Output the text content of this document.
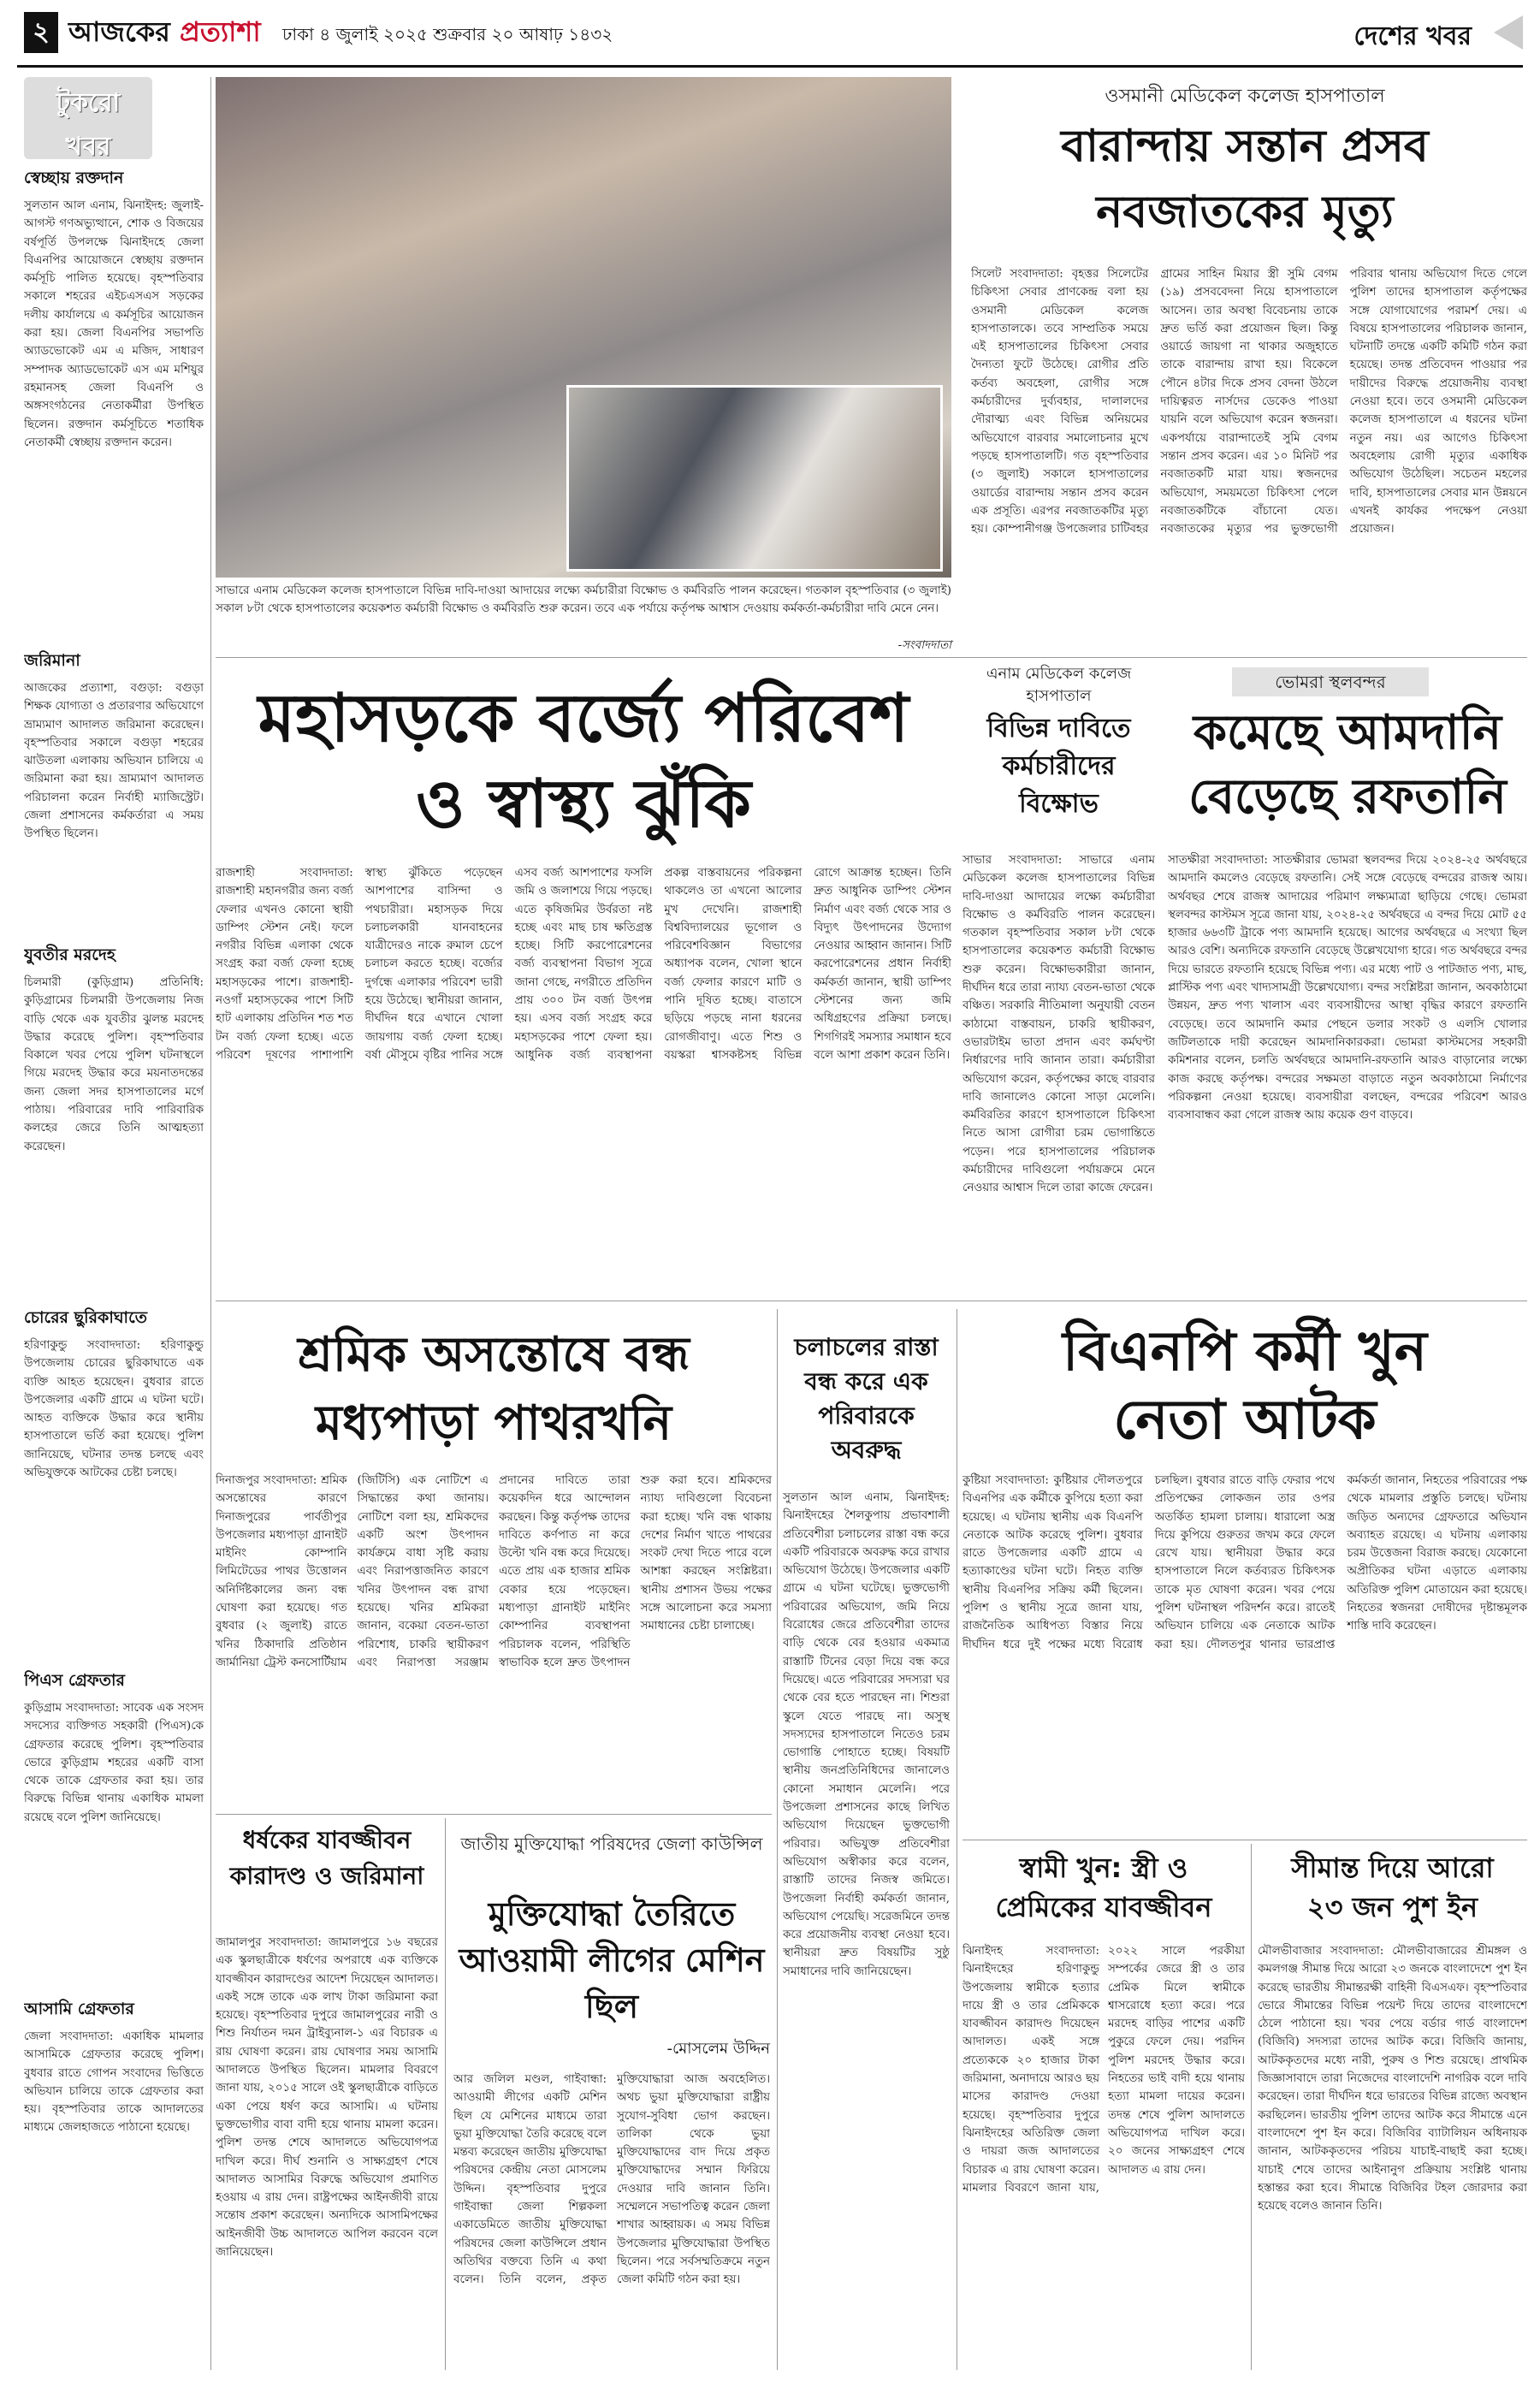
২ আজকের প্রত্যাশা ঢাকা ৪ জুলাই ২০২৫ শুক্রবার ২০ আষাঢ় ১৪৩২	দেশের খবর
টুকরো
খবর
স্বেচ্ছায় রক্তদান
সুলতান আল এনাম, ঝিনাইদহ: জুলাই-আগস্ট গণঅভ্যুত্থানে, শোক ও বিজয়ের বর্ষপূর্তি উপলক্ষে ঝিনাইদহে জেলা বিএনপির আয়োজনে স্বেচ্ছায় রক্তদান কর্মসূচি পালিত হয়েছে। বৃহস্পতিবার সকালে শহরের এইচএসএস সড়কের দলীয় কার্যালয়ে এ কর্মসূচির আয়োজন করা হয়। জেলা বিএনপির সভাপতি অ্যাডভোকেট এম এ মজিদ, সাধারণ সম্পাদক অ্যাডভোকেট এস এম মশিয়ুর রহমানসহ জেলা বিএনপি ও অঙ্গসংগঠনের নেতাকর্মীরা উপস্থিত ছিলেন। রক্তদান কর্মসূচিতে শতাধিক নেতাকর্মী স্বেচ্ছায় রক্তদান করেন।
জরিমানা
আজকের প্রত্যাশা, বগুড়া: বগুড়া শিক্ষক যোগ্যতা ও প্রতারণার অভিযোগে ভ্রাম্যমাণ আদালত জরিমানা করেছেন। বৃহস্পতিবার সকালে বগুড়া শহরের ঝাউতলা এলাকায় অভিযান চালিয়ে এ জরিমানা করা হয়। ভ্রাম্যমাণ আদালত পরিচালনা করেন নির্বাহী ম্যাজিস্ট্রেট। জেলা প্রশাসনের কর্মকর্তারা এ সময় উপস্থিত ছিলেন।
যুবতীর মরদেহ
চিলমারী (কুড়িগ্রাম) প্রতিনিধি: কুড়িগ্রামের চিলমারী উপজেলায় নিজ বাড়ি থেকে এক যুবতীর ঝুলন্ত মরদেহ উদ্ধার করেছে পুলিশ। বৃহস্পতিবার বিকালে খবর পেয়ে পুলিশ ঘটনাস্থলে গিয়ে মরদেহ উদ্ধার করে ময়নাতদন্তের জন্য জেলা সদর হাসপাতালের মর্গে পাঠায়। পরিবারের দাবি পারিবারিক কলহের জেরে তিনি আত্মহত্যা করেছেন।
চোরের ছুরিকাঘাতে
হরিণাকুন্ডু সংবাদদাতা: হরিণাকুন্ডু উপজেলায় চোরের ছুরিকাঘাতে এক ব্যক্তি আহত হয়েছেন। বুধবার রাতে উপজেলার একটি গ্রামে এ ঘটনা ঘটে। আহত ব্যক্তিকে উদ্ধার করে স্থানীয় হাসপাতালে ভর্তি করা হয়েছে। পুলিশ জানিয়েছে, ঘটনার তদন্ত চলছে এবং অভিযুক্তকে আটকের চেষ্টা চলছে।
পিএস গ্রেফতার
কুড়িগ্রাম সংবাদদাতা: সাবেক এক সংসদ সদস্যের ব্যক্তিগত সহকারী (পিএস)কে গ্রেফতার করেছে পুলিশ। বৃহস্পতিবার ভোরে কুড়িগ্রাম শহরের একটি বাসা থেকে তাকে গ্রেফতার করা হয়। তার বিরুদ্ধে বিভিন্ন থানায় একাধিক মামলা রয়েছে বলে পুলিশ জানিয়েছে।
আসামি গ্রেফতার
জেলা সংবাদদাতা: একাধিক মামলার আসামিকে গ্রেফতার করেছে পুলিশ। বুধবার রাতে গোপন সংবাদের ভিত্তিতে অভিযান চালিয়ে তাকে গ্রেফতার করা হয়। বৃহস্পতিবার তাকে আদালতের মাধ্যমে জেলহাজতে পাঠানো হয়েছে।
সাভারে এনাম মেডিকেল কলেজ হাসপাতালে বিভিন্ন দাবি-দাওয়া আদায়ের লক্ষ্যে কর্মচারীরা বিক্ষোভ ও কর্মবিরতি পালন করেছেন। গতকাল বৃহস্পতিবার (৩ জুলাই) সকাল ৮টা থেকে হাসপাতালের কয়েকশত কর্মচারী বিক্ষোভ ও কর্মবিরতি শুরু করেন। তবে এক পর্যায়ে কর্তৃপক্ষ আশ্বাস দেওয়ায় কর্মকর্তা-কর্মচারীরা দাবি মেনে নেন।
-সংবাদদাতা
ওসমানী মেডিকেল কলেজ হাসপাতাল
বারান্দায় সন্তান প্রসব
নবজাতকের মৃত্যু
সিলেট সংবাদদাতা: বৃহত্তর সিলেটের চিকিৎসা সেবার প্রাণকেন্দ্র বলা হয় ওসমানী মেডিকেল কলেজ হাসপাতালকে। তবে সাম্প্রতিক সময়ে এই হাসপাতালের চিকিৎসা সেবার দৈন্যতা ফুটে উঠেছে। রোগীর প্রতি কর্তব্য অবহেলা, রোগীর সঙ্গে কর্মচারীদের দুর্ব্যবহার, দালালদের দৌরাত্ম্য এবং বিভিন্ন অনিয়মের অভিযোগে বারবার সমালোচনার মুখে পড়ছে হাসপাতালটি। গত বৃহস্পতিবার (৩ জুলাই) সকালে হাসপাতালের ওয়ার্ডের বারান্দায় সন্তান প্রসব করেন এক প্রসূতি। এরপর নবজাতকটির মৃত্যু হয়। কোম্পানীগঞ্জ উপজেলার চাটিবহর গ্রামের সাহিন মিয়ার স্ত্রী সুমি বেগম (১৯) প্রসববেদনা নিয়ে হাসপাতালে আসেন। তার অবস্থা বিবেচনায় তাকে দ্রুত ভর্তি করা প্রয়োজন ছিল। কিন্তু ওয়ার্ডে জায়গা না থাকার অজুহাতে তাকে বারান্দায় রাখা হয়। বিকেলে পৌনে ৪টার দিকে প্রসব বেদনা উঠলে দায়িত্বরত নার্সদের ডেকেও পাওয়া যায়নি বলে অভিযোগ করেন স্বজনরা। একপর্যায়ে বারান্দাতেই সুমি বেগম সন্তান প্রসব করেন। এর ১০ মিনিট পর নবজাতকটি মারা যায়। স্বজনদের অভিযোগ, সময়মতো চিকিৎসা পেলে নবজাতকটিকে বাঁচানো যেত। নবজাতকের মৃত্যুর পর ভুক্তভোগী পরিবার থানায় অভিযোগ দিতে গেলে পুলিশ তাদের হাসপাতাল কর্তৃপক্ষের সঙ্গে যোগাযোগের পরামর্শ দেয়। এ বিষয়ে হাসপাতালের পরিচালক জানান, ঘটনাটি তদন্তে একটি কমিটি গঠন করা হয়েছে। তদন্ত প্রতিবেদন পাওয়ার পর দায়ীদের বিরুদ্ধে প্রয়োজনীয় ব্যবস্থা নেওয়া হবে। তবে ওসমানী মেডিকেল কলেজ হাসপাতালে এ ধরনের ঘটনা নতুন নয়। এর আগেও চিকিৎসা অবহেলায় রোগী মৃত্যুর একাধিক অভিযোগ উঠেছিল। সচেতন মহলের দাবি, হাসপাতালের সেবার মান উন্নয়নে এখনই কার্যকর পদক্ষেপ নেওয়া প্রয়োজন।
মহাসড়কে বর্জ্যে পরিবেশ
ও স্বাস্থ্য ঝুঁকি
রাজশাহী সংবাদদাতা: রাজশাহী মহানগরীর জন্য বর্জ্য ফেলার এখনও কোনো স্থায়ী ডাম্পিং স্টেশন নেই। ফলে নগরীর বিভিন্ন এলাকা থেকে সংগ্রহ করা বর্জ্য ফেলা হচ্ছে মহাসড়কের পাশে। রাজশাহী-নওগাঁ মহাসড়কের পাশে সিটি হাট এলাকায় প্রতিদিন শত শত টন বর্জ্য ফেলা হচ্ছে। এতে পরিবেশ দূষণের পাশাপাশি স্বাস্থ্য ঝুঁকিতে পড়েছেন আশপাশের বাসিন্দা ও পথচারীরা। মহাসড়ক দিয়ে চলাচলকারী যানবাহনের যাত্রীদেরও নাকে রুমাল চেপে চলাচল করতে হচ্ছে। বর্জ্যের দুর্গন্ধে এলাকার পরিবেশ ভারী হয়ে উঠেছে। স্থানীয়রা জানান, দীর্ঘদিন ধরে এখানে খোলা জায়গায় বর্জ্য ফেলা হচ্ছে। বর্ষা মৌসুমে বৃষ্টির পানির সঙ্গে এসব বর্জ্য আশপাশের ফসলি জমি ও জলাশয়ে গিয়ে পড়ছে। এতে কৃষিজমির উর্বরতা নষ্ট হচ্ছে এবং মাছ চাষ ক্ষতিগ্রস্ত হচ্ছে। সিটি করপোরেশনের বর্জ্য ব্যবস্থাপনা বিভাগ সূত্রে জানা গেছে, নগরীতে প্রতিদিন প্রায় ৩০০ টন বর্জ্য উৎপন্ন হয়। এসব বর্জ্য সংগ্রহ করে মহাসড়কের পাশে ফেলা হয়। আধুনিক বর্জ্য ব্যবস্থাপনা প্রকল্প বাস্তবায়নের পরিকল্পনা থাকলেও তা এখনো আলোর মুখ দেখেনি। রাজশাহী বিশ্ববিদ্যালয়ের ভূগোল ও পরিবেশবিজ্ঞান বিভাগের অধ্যাপক বলেন, খোলা স্থানে বর্জ্য ফেলার কারণে মাটি ও পানি দূষিত হচ্ছে। বাতাসে ছড়িয়ে পড়ছে নানা ধরনের রোগজীবাণু। এতে শিশু ও বয়স্করা শ্বাসকষ্টসহ বিভিন্ন রোগে আক্রান্ত হচ্ছেন। তিনি দ্রুত আধুনিক ডাম্পিং স্টেশন নির্মাণ এবং বর্জ্য থেকে সার ও বিদ্যুৎ উৎপাদনের উদ্যোগ নেওয়ার আহ্বান জানান। সিটি করপোরেশনের প্রধান নির্বাহী কর্মকর্তা জানান, স্থায়ী ডাম্পিং স্টেশনের জন্য জমি অধিগ্রহণের প্রক্রিয়া চলছে। শিগগিরই সমস্যার সমাধান হবে বলে আশা প্রকাশ করেন তিনি।
এনাম মেডিকেল কলেজ হাসপাতাল
বিভিন্ন দাবিতে কর্মচারীদের বিক্ষোভ
ভোমরা স্থলবন্দর
কমেছে আমদানি
বেড়েছে রফতানি
সাভার সংবাদদাতা: সাভারে এনাম মেডিকেল কলেজ হাসপাতালের বিভিন্ন দাবি-দাওয়া আদায়ের লক্ষ্যে কর্মচারীরা বিক্ষোভ ও কর্মবিরতি পালন করেছেন। গতকাল বৃহস্পতিবার সকাল ৮টা থেকে হাসপাতালের কয়েকশত কর্মচারী বিক্ষোভ শুরু করেন। বিক্ষোভকারীরা জানান, দীর্ঘদিন ধরে তারা ন্যায্য বেতন-ভাতা থেকে বঞ্চিত। সরকারি নীতিমালা অনুযায়ী বেতন কাঠামো বাস্তবায়ন, চাকরি স্থায়ীকরণ, ওভারটাইম ভাতা প্রদান এবং কর্মঘণ্টা নির্ধারণের দাবি জানান তারা। কর্মচারীরা অভিযোগ করেন, কর্তৃপক্ষের কাছে বারবার দাবি জানালেও কোনো সাড়া মেলেনি। কর্মবিরতির কারণে হাসপাতালে চিকিৎসা নিতে আসা রোগীরা চরম ভোগান্তিতে পড়েন। পরে হাসপাতালের পরিচালক কর্মচারীদের দাবিগুলো পর্যায়ক্রমে মেনে নেওয়ার আশ্বাস দিলে তারা কাজে ফেরেন।
সাতক্ষীরা সংবাদদাতা: সাতক্ষীরার ভোমরা স্থলবন্দর দিয়ে ২০২৪-২৫ অর্থবছরে আমদানি কমলেও বেড়েছে রফতানি। সেই সঙ্গে বেড়েছে বন্দরের রাজস্ব আয়। অর্থবছর শেষে রাজস্ব আদায়ের পরিমাণ লক্ষ্যমাত্রা ছাড়িয়ে গেছে। ভোমরা স্থলবন্দর কাস্টমস সূত্রে জানা যায়, ২০২৪-২৫ অর্থবছরে এ বন্দর দিয়ে মোট ৫৫ হাজার ৬৬৩টি ট্রাকে পণ্য আমদানি হয়েছে। আগের অর্থবছরে এ সংখ্যা ছিল আরও বেশি। অন্যদিকে রফতানি বেড়েছে উল্লেখযোগ্য হারে। গত অর্থবছরে বন্দর দিয়ে ভারতে রফতানি হয়েছে বিভিন্ন পণ্য। এর মধ্যে পাট ও পাটজাত পণ্য, মাছ, প্লাস্টিক পণ্য এবং খাদ্যসামগ্রী উল্লেখযোগ্য। বন্দর সংশ্লিষ্টরা জানান, অবকাঠামো উন্নয়ন, দ্রুত পণ্য খালাস এবং ব্যবসায়ীদের আস্থা বৃদ্ধির কারণে রফতানি বেড়েছে। তবে আমদানি কমার পেছনে ডলার সংকট ও এলসি খোলার জটিলতাকে দায়ী করেছেন আমদানিকারকরা। ভোমরা কাস্টমসের সহকারী কমিশনার বলেন, চলতি অর্থবছরে আমদানি-রফতানি আরও বাড়ানোর লক্ষ্যে কাজ করছে কর্তৃপক্ষ। বন্দরের সক্ষমতা বাড়াতে নতুন অবকাঠামো নির্মাণের পরিকল্পনা নেওয়া হয়েছে। ব্যবসায়ীরা বলছেন, বন্দরের পরিবেশ আরও ব্যবসাবান্ধব করা গেলে রাজস্ব আয় কয়েক গুণ বাড়বে।
বিএনপি কর্মী খুন
নেতা আটক
কুষ্টিয়া সংবাদদাতা: কুষ্টিয়ার দৌলতপুরে বিএনপির এক কর্মীকে কুপিয়ে হত্যা করা হয়েছে। এ ঘটনায় স্থানীয় এক বিএনপি নেতাকে আটক করেছে পুলিশ। বুধবার রাতে উপজেলার একটি গ্রামে এ হত্যাকাণ্ডের ঘটনা ঘটে। নিহত ব্যক্তি স্থানীয় বিএনপির সক্রিয় কর্মী ছিলেন। পুলিশ ও স্থানীয় সূত্রে জানা যায়, রাজনৈতিক আধিপত্য বিস্তার নিয়ে দীর্ঘদিন ধরে দুই পক্ষের মধ্যে বিরোধ চলছিল। বুধবার রাতে বাড়ি ফেরার পথে প্রতিপক্ষের লোকজন তার ওপর অতর্কিত হামলা চালায়। ধারালো অস্ত্র দিয়ে কুপিয়ে গুরুতর জখম করে ফেলে রেখে যায়। স্থানীয়রা উদ্ধার করে হাসপাতালে নিলে কর্তব্যরত চিকিৎসক তাকে মৃত ঘোষণা করেন। খবর পেয়ে পুলিশ ঘটনাস্থল পরিদর্শন করে। রাতেই অভিযান চালিয়ে এক নেতাকে আটক করা হয়। দৌলতপুর থানার ভারপ্রাপ্ত কর্মকর্তা জানান, নিহতের পরিবারের পক্ষ থেকে মামলার প্রস্তুতি চলছে। ঘটনায় জড়িত অন্যদের গ্রেফতারে অভিযান অব্যাহত রয়েছে। এ ঘটনায় এলাকায় চরম উত্তেজনা বিরাজ করছে। যেকোনো অপ্রীতিকর ঘটনা এড়াতে এলাকায় অতিরিক্ত পুলিশ মোতায়েন করা হয়েছে। নিহতের স্বজনরা দোষীদের দৃষ্টান্তমূলক শাস্তি দাবি করেছেন।
শ্রমিক অসন্তোষে বন্ধ
মধ্যপাড়া পাথরখনি
দিনাজপুর সংবাদদাতা: শ্রমিক অসন্তোষের কারণে দিনাজপুরের পার্বতীপুর উপজেলার মধ্যপাড়া গ্রানাইট মাইনিং কোম্পানি লিমিটেডের পাথর উত্তোলন অনির্দিষ্টকালের জন্য বন্ধ ঘোষণা করা হয়েছে। গত বুধবার (২ জুলাই) রাতে খনির ঠিকাদারি প্রতিষ্ঠান জার্মানিয়া ট্রেস্ট কনসোর্টিয়াম (জিটিসি) এক নোটিশে এ সিদ্ধান্তের কথা জানায়। নোটিশে বলা হয়, শ্রমিকদের একটি অংশ উৎপাদন কার্যক্রমে বাধা সৃষ্টি করায় এবং নিরাপত্তাজনিত কারণে খনির উৎপাদন বন্ধ রাখা হয়েছে। খনির শ্রমিকরা জানান, বকেয়া বেতন-ভাতা পরিশোধ, চাকরি স্থায়ীকরণ এবং নিরাপত্তা সরঞ্জাম প্রদানের দাবিতে তারা কয়েকদিন ধরে আন্দোলন করছেন। কিন্তু কর্তৃপক্ষ তাদের দাবিতে কর্ণপাত না করে উল্টো খনি বন্ধ করে দিয়েছে। এতে প্রায় এক হাজার শ্রমিক বেকার হয়ে পড়েছেন। মধ্যপাড়া গ্রানাইট মাইনিং কোম্পানির ব্যবস্থাপনা পরিচালক বলেন, পরিস্থিতি স্বাভাবিক হলে দ্রুত উৎপাদন শুরু করা হবে। শ্রমিকদের ন্যায্য দাবিগুলো বিবেচনা করা হচ্ছে। খনি বন্ধ থাকায় দেশের নির্মাণ খাতে পাথরের সংকট দেখা দিতে পারে বলে আশঙ্কা করছেন সংশ্লিষ্টরা। স্থানীয় প্রশাসন উভয় পক্ষের সঙ্গে আলোচনা করে সমস্যা সমাধানের চেষ্টা চালাচ্ছে।
চলাচলের রাস্তা বন্ধ করে এক পরিবারকে অবরুদ্ধ
সুলতান আল এনাম, ঝিনাইদহ: ঝিনাইদহের শৈলকুপায় প্রভাবশালী প্রতিবেশীরা চলাচলের রাস্তা বন্ধ করে একটি পরিবারকে অবরুদ্ধ করে রাখার অভিযোগ উঠেছে। উপজেলার একটি গ্রামে এ ঘটনা ঘটেছে। ভুক্তভোগী পরিবারের অভিযোগ, জমি নিয়ে বিরোধের জেরে প্রতিবেশীরা তাদের বাড়ি থেকে বের হওয়ার একমাত্র রাস্তাটি টিনের বেড়া দিয়ে বন্ধ করে দিয়েছে। এতে পরিবারের সদস্যরা ঘর থেকে বের হতে পারছেন না। শিশুরা স্কুলে যেতে পারছে না। অসুস্থ সদস্যদের হাসপাতালে নিতেও চরম ভোগান্তি পোহাতে হচ্ছে। বিষয়টি স্থানীয় জনপ্রতিনিধিদের জানালেও কোনো সমাধান মেলেনি। পরে উপজেলা প্রশাসনের কাছে লিখিত অভিযোগ দিয়েছেন ভুক্তভোগী পরিবার। অভিযুক্ত প্রতিবেশীরা অভিযোগ অস্বীকার করে বলেন, রাস্তাটি তাদের নিজস্ব জমিতে। উপজেলা নির্বাহী কর্মকর্তা জানান, অভিযোগ পেয়েছি। সরেজমিনে তদন্ত করে প্রয়োজনীয় ব্যবস্থা নেওয়া হবে। স্থানীয়রা দ্রুত বিষয়টির সুষ্ঠু সমাধানের দাবি জানিয়েছেন।
ধর্ষকের যাবজ্জীবন
কারাদণ্ড ও জরিমানা
জামালপুর সংবাদদাতা: জামালপুরে ১৬ বছরের এক স্কুলছাত্রীকে ধর্ষণের অপরাধে এক ব্যক্তিকে যাবজ্জীবন কারাদণ্ডের আদেশ দিয়েছেন আদালত। একই সঙ্গে তাকে এক লাখ টাকা জরিমানা করা হয়েছে। বৃহস্পতিবার দুপুরে জামালপুরের নারী ও শিশু নির্যাতন দমন ট্রাইব্যুনাল-১ এর বিচারক এ রায় ঘোষণা করেন। রায় ঘোষণার সময় আসামি আদালতে উপস্থিত ছিলেন। মামলার বিবরণে জানা যায়, ২০১৫ সালে ওই স্কুলছাত্রীকে বাড়িতে একা পেয়ে ধর্ষণ করে আসামি। এ ঘটনায় ভুক্তভোগীর বাবা বাদী হয়ে থানায় মামলা করেন। পুলিশ তদন্ত শেষে আদালতে অভিযোগপত্র দাখিল করে। দীর্ঘ শুনানি ও সাক্ষ্যগ্রহণ শেষে আদালত আসামির বিরুদ্ধে অভিযোগ প্রমাণিত হওয়ায় এ রায় দেন। রাষ্ট্রপক্ষের আইনজীবী রায়ে সন্তোষ প্রকাশ করেছেন। অন্যদিকে আসামিপক্ষের আইনজীবী উচ্চ আদালতে আপিল করবেন বলে জানিয়েছেন।
জাতীয় মুক্তিযোদ্ধা পরিষদের জেলা কাউন্সিল
মুক্তিযোদ্ধা তৈরিতে আওয়ামী লীগের মেশিন ছিল
-মোসলেম উদ্দিন
আর জলিল মণ্ডল, গাইবান্ধা: আওয়ামী লীগের একটি মেশিন ছিল যে মেশিনের মাধ্যমে তারা ভুয়া মুক্তিযোদ্ধা তৈরি করেছে বলে মন্তব্য করেছেন জাতীয় মুক্তিযোদ্ধা পরিষদের কেন্দ্রীয় নেতা মোসলেম উদ্দিন। বৃহস্পতিবার দুপুরে গাইবান্ধা জেলা শিল্পকলা একাডেমিতে জাতীয় মুক্তিযোদ্ধা পরিষদের জেলা কাউন্সিলে প্রধান অতিথির বক্তব্যে তিনি এ কথা বলেন। তিনি বলেন, প্রকৃত মুক্তিযোদ্ধারা আজ অবহেলিত। অথচ ভুয়া মুক্তিযোদ্ধারা রাষ্ট্রীয় সুযোগ-সুবিধা ভোগ করছেন। তালিকা থেকে ভুয়া মুক্তিযোদ্ধাদের বাদ দিয়ে প্রকৃত মুক্তিযোদ্ধাদের সম্মান ফিরিয়ে দেওয়ার দাবি জানান তিনি। সম্মেলনে সভাপতিত্ব করেন জেলা শাখার আহ্বায়ক। এ সময় বিভিন্ন উপজেলার মুক্তিযোদ্ধারা উপস্থিত ছিলেন। পরে সর্বসম্মতিক্রমে নতুন জেলা কমিটি গঠন করা হয়।
স্বামী খুন: স্ত্রী ও
প্রেমিকের যাবজ্জীবন
ঝিনাইদহ সংবাদদাতা: ঝিনাইদহের হরিণাকুন্ডু উপজেলায় স্বামীকে হত্যার দায়ে স্ত্রী ও তার প্রেমিককে যাবজ্জীবন কারাদণ্ড দিয়েছেন আদালত। একই সঙ্গে প্রত্যেককে ২০ হাজার টাকা জরিমানা, অনাদায়ে আরও ছয় মাসের কারাদণ্ড দেওয়া হয়েছে। বৃহস্পতিবার দুপুরে ঝিনাইদহের অতিরিক্ত জেলা ও দায়রা জজ আদালতের বিচারক এ রায় ঘোষণা করেন। মামলার বিবরণে জানা যায়, ২০২২ সালে পরকীয়া সম্পর্কের জেরে স্ত্রী ও তার প্রেমিক মিলে স্বামীকে শ্বাসরোধে হত্যা করে। পরে মরদেহ বাড়ির পাশের একটি পুকুরে ফেলে দেয়। পরদিন পুলিশ মরদেহ উদ্ধার করে। নিহতের ভাই বাদী হয়ে থানায় হত্যা মামলা দায়ের করেন। তদন্ত শেষে পুলিশ আদালতে অভিযোগপত্র দাখিল করে। ২০ জনের সাক্ষ্যগ্রহণ শেষে আদালত এ রায় দেন।
সীমান্ত দিয়ে আরো
২৩ জন পুশ ইন
মৌলভীবাজার সংবাদদাতা: মৌলভীবাজারের শ্রীমঙ্গল ও কমলগঞ্জ সীমান্ত দিয়ে আরো ২৩ জনকে বাংলাদেশে পুশ ইন করেছে ভারতীয় সীমান্তরক্ষী বাহিনী বিএসএফ। বৃহস্পতিবার ভোরে সীমান্তের বিভিন্ন পয়েন্ট দিয়ে তাদের বাংলাদেশে ঠেলে পাঠানো হয়। খবর পেয়ে বর্ডার গার্ড বাংলাদেশ (বিজিবি) সদস্যরা তাদের আটক করে। বিজিবি জানায়, আটককৃতদের মধ্যে নারী, পুরুষ ও শিশু রয়েছে। প্রাথমিক জিজ্ঞাসাবাদে তারা নিজেদের বাংলাদেশি নাগরিক বলে দাবি করেছেন। তারা দীর্ঘদিন ধরে ভারতের বিভিন্ন রাজ্যে অবস্থান করছিলেন। ভারতীয় পুলিশ তাদের আটক করে সীমান্তে এনে বাংলাদেশে পুশ ইন করে। বিজিবির ব্যাটালিয়ন অধিনায়ক জানান, আটককৃতদের পরিচয় যাচাই-বাছাই করা হচ্ছে। যাচাই শেষে তাদের আইনানুগ প্রক্রিয়ায় সংশ্লিষ্ট থানায় হস্তান্তর করা হবে। সীমান্তে বিজিবির টহল জোরদার করা হয়েছে বলেও জানান তিনি।
